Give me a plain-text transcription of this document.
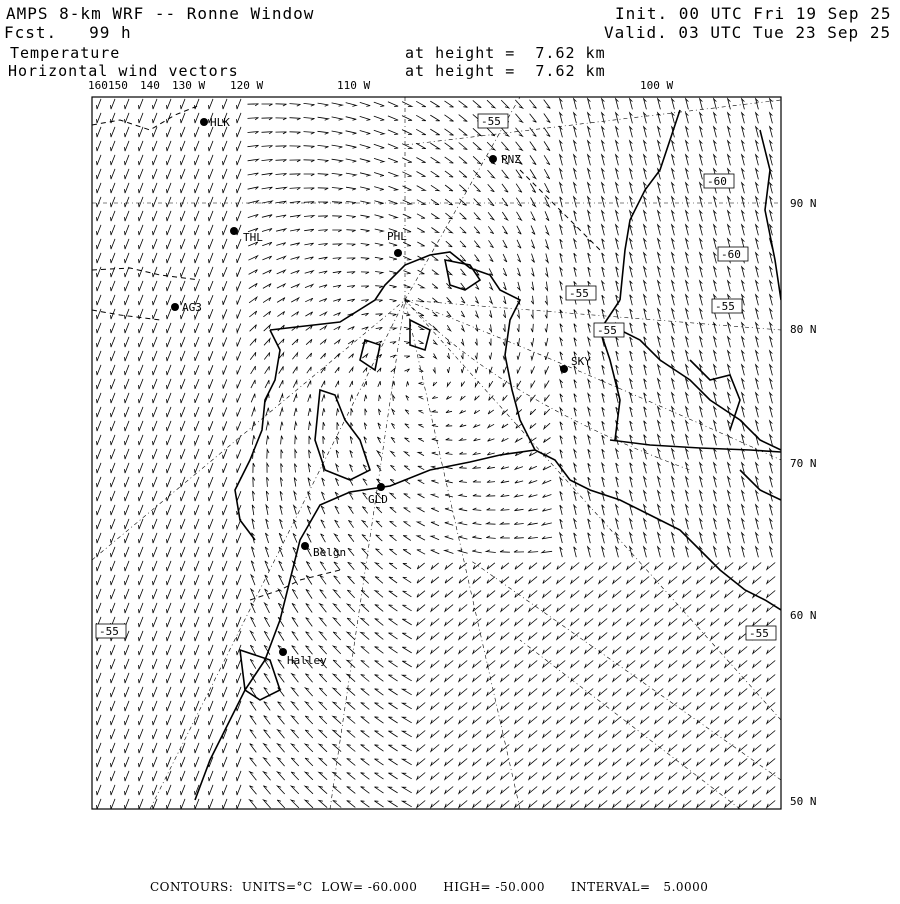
AMPS 8-km WRF -- Ronne Window
Fcst.   99 h
Init. 00 UTC Fri 19 Sep 25
Valid. 03 UTC Tue 23 Sep 25
Temperature	at height =  7.62 km
Horizontal wind vectors	at height =  7.62 km
160 150 140 130 W 120 W	110 W	100 W
90 N
80 N
70 N
60 N
50 N
-55
-55
-60
-60
-55
-55
-55	-55
HLK
PNZ
THL	PHL
AG3
SKY
GLD
Belgn
Halley
CONTOURS:  UNITS=°C  LOW= -60.000      HIGH= -50.000      INTERVAL=   5.0000
